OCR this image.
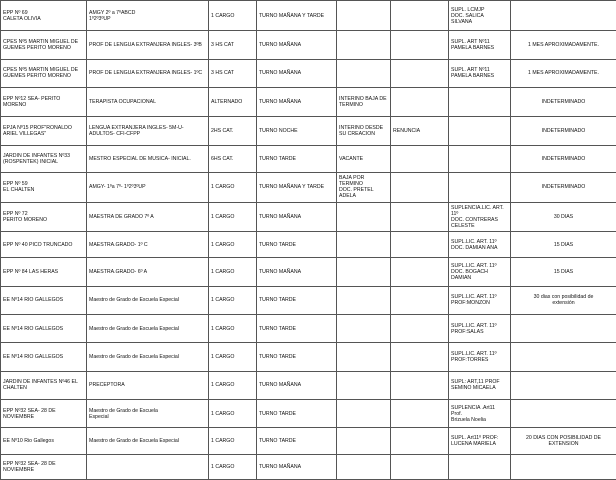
EPP Nº 69
CALETA OLIVIA	AMGY 2º a 7ºABCD
1º2º3ºUP	1 CARGO	TURNO MAÑANA Y TARDE			SUPL. LCMJP
DOC. SALICA
SILVANA	
CPES Nº5 MARTIN MIGUEL DE
GUEMES PERITO MORENO	PROF DE LENGUA EXTRANJERA INGLES- 3ºB	3 HS CAT	TURNO MAÑANA			SUPL. ART Nº11
PAMELA BARNES	1 MES APROXIMADAMENTE.
CPES Nº5 MARTIN MIGUEL DE
GUEMES PERITO MORENO	PROF DE LENGUA EXTRANJERA INGLES- 1ºC	3 HS CAT	TURNO MAÑANA			SUPL. ART Nº11
PAMELA BARNES	1 MES APROXIMADAMENTE.
EPP Nº12 SEA- PERITO
MORENO	TERAPISTA OCUPACIONAL	ALTERNADO	TURNO MAÑANA	INTERINO BAJA DE
TERMINO			INDETERMINADO
EPJA Nº15 PROF"RONALDO
ARIEL VILLEGAS"	LENGUA EXTRANJERA INGLES- 5M-U-
ADULTOS- CFI-CFPP	2HS CAT.	TURNO NOCHE	INTERINO DESDE
SU CREACION	RENUNCIA		INDETERMINADO
JARDIN DE INFANTES Nº33
(ROSPENTEK) INICIAL	MESTRO ESPECIAL DE MUSICA- INICIAL.	6HS CAT.	TURNO TARDE	VACANTE			INDETERMINADO
EPP Nº 59
EL CHALTEN	AMGY- 1ºa 7º- 1º2º3ºUP	1 CARGO	TURNO MAÑANA Y TARDE	BAJA POR TERMINO
DOC. PRETEL
ADELA			INDETERMINADO
EPP Nº 72
PERITO MORENO	MAESTRA DE GRADO 7º A	1 CARGO	TURNO MAÑANA			SUPLENCIA.LIC. ART.
11º
DOC. CONTRERAS
CELESTE	30 DIAS
EPP Nº 40 PICO TRUNCADO	MAESTRA.GRADO- 1º C	1 CARGO	TURNO TARDE			SUPL.LIC. ART. 11º
DOC. DAMIAN ANA	15 DIAS
EPP Nº 84 LAS HERAS	MAESTRA.GRADO- 6º A	1 CARGO	TURNO MAÑANA			SUPL.LIC. ART. 11º
DOC. BOGACH
DAMIAN	15 DIAS
EE Nº14 RIO GALLEGOS	Maestro de Grado de Escuela Especial	1 CARGO	TURNO TARDE			SUPL.LIC. ART. 11º
PROF:MONZON	30 dias con posibilidad de
extensión
EE Nº14 RIO GALLEGOS	Maestro de Grado de Escuela Especial	1 CARGO	TURNO TARDE			SUPL.LIC. ART. 11º
PROF:SALAS	
EE Nº14 RIO GALLEGOS	Maestro de Grado de Escuela Especial	1 CARGO	TURNO TARDE			SUPL.LIC. ART. 11º
PROF:TORRES	
JARDIN DE INFANTES Nº46 EL
CHALTEN	PRECEPTORA	1 CARGO	TURNO MAÑANA			SUPL: ART,11 PROF
SEMINO MICAELA	
EPP Nº32 SEA- 28 DE
NOVIEMBRE	Maestro de Grado de Escuela
Especial	1 CARGO	TURNO TARDE			SUPLENCIA .Art11
Prof.
Brizuela Noelia	
EE Nº10 Rio Gallegos	Maestro de Grado de Escuela Especial	1 CARGO	TURNO TARDE			SUPL. Art11º PROF:
LUCENA MARIELA	20 DIAS CON POSIBILIDAD DE
EXTENSION
EPP Nº32 SEA- 28 DE
NOVIEMBRE		1 CARGO	TURNO MAÑANA				
